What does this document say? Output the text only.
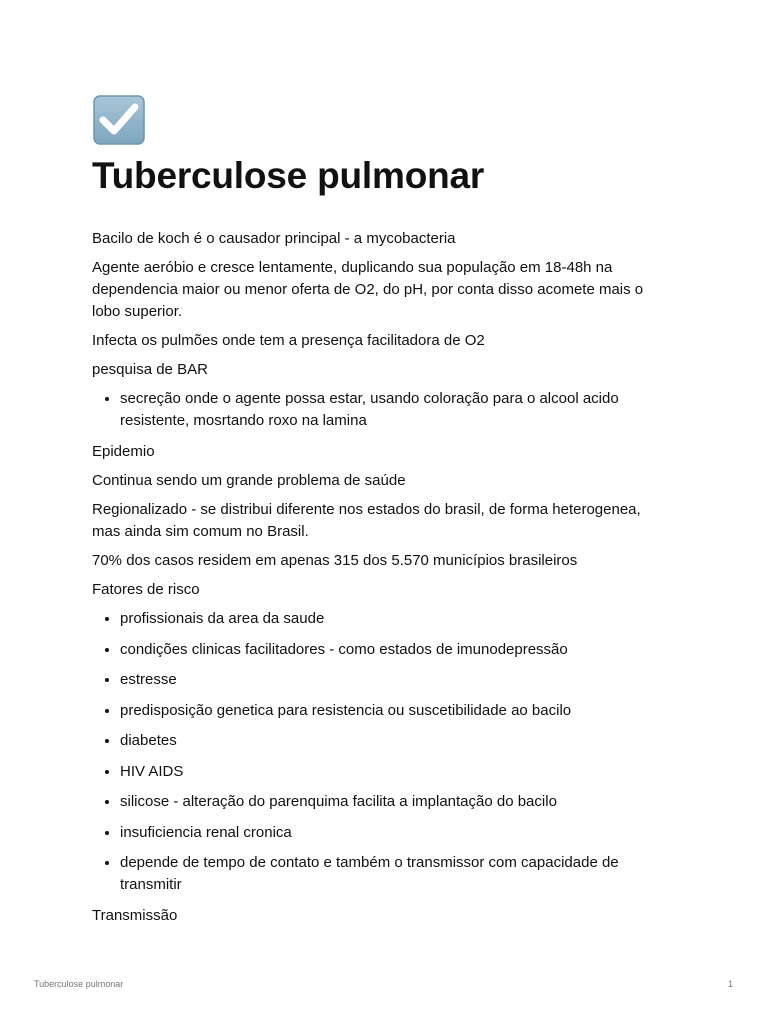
Tuberculose pulmonar

Bacilo de koch é o causador principal - a mycobacteria

Agente aeróbio e cresce lentamente, duplicando sua população em 18-48h na dependencia maior ou menor oferta de O2, do pH, por conta disso acomete mais o lobo superior.

Infecta os pulmões onde tem a presença facilitadora de O2

pesquisa de BAR

• secreção onde o agente possa estar, usando coloração para o alcool acido resistente, mosrtando roxo na lamina

Epidemio

Continua sendo um grande problema de saúde

Regionalizado - se distribui diferente nos estados do brasil, de forma heterogenea, mas ainda sim comum no Brasil.

70% dos casos residem em apenas 315 dos 5.570 municípios brasileiros

Fatores de risco

• profissionais da area da saude
• condições clinicas facilitadores - como estados de imunodepressão
• estresse
• predisposição genetica para resistencia ou suscetibilidade ao bacilo
• diabetes
• HIV AIDS
• silicose - alteração do parenquima facilita a implantação do bacilo
• insuficiencia renal cronica
• depende de tempo de contato e também o transmissor com capacidade de transmitir

Transmissão

Tuberculose pulmonar	1
